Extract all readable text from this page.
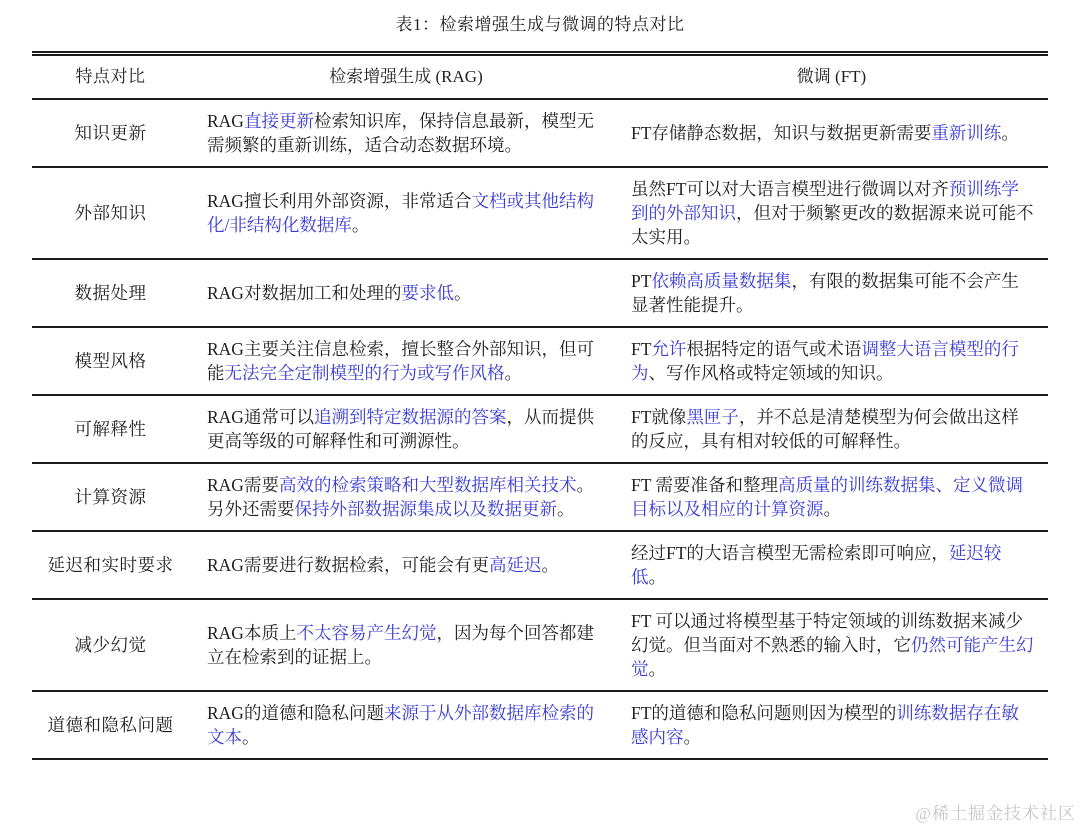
表1：检索增强生成与微调的特点对比
特点对比	检索增强生成 (RAG)	微调 (FT)
知识更新	RAG直接更新检索知识库，保持信息最新，模型无需频繁的重新训练，适合动态数据环境。	FT存储静态数据，知识与数据更新需要重新训练。
外部知识	RAG擅长利用外部资源，非常适合文档或其他结构化/非结构化数据库。	虽然FT可以对大语言模型进行微调以对齐预训练学到的外部知识，但对于频繁更改的数据源来说可能不太实用。
数据处理	RAG对数据加工和处理的要求低。	PT依赖高质量数据集，有限的数据集可能不会产生显著性能提升。
模型风格	RAG主要关注信息检索，擅长整合外部知识，但可能无法完全定制模型的行为或写作风格。	FT允许根据特定的语气或术语调整大语言模型的行为、写作风格或特定领域的知识。
可解释性	RAG通常可以追溯到特定数据源的答案，从而提供更高等级的可解释性和可溯源性。	FT就像黑匣子，并不总是清楚模型为何会做出这样的反应，具有相对较低的可解释性。
计算资源	RAG需要高效的检索策略和大型数据库相关技术。另外还需要保持外部数据源集成以及数据更新。	FT 需要准备和整理高质量的训练数据集、定义微调目标以及相应的计算资源。
延迟和实时要求	RAG需要进行数据检索，可能会有更高延迟。	经过FT的大语言模型无需检索即可响应，延迟较低。
减少幻觉	RAG本质上不太容易产生幻觉，因为每个回答都建立在检索到的证据上。	FT 可以通过将模型基于特定领域的训练数据来减少幻觉。但当面对不熟悉的输入时，它仍然可能产生幻觉。
道德和隐私问题	RAG的道德和隐私问题来源于从外部数据库检索的文本。	FT的道德和隐私问题则因为模型的训练数据存在敏感内容。
@稀土掘金技术社区
